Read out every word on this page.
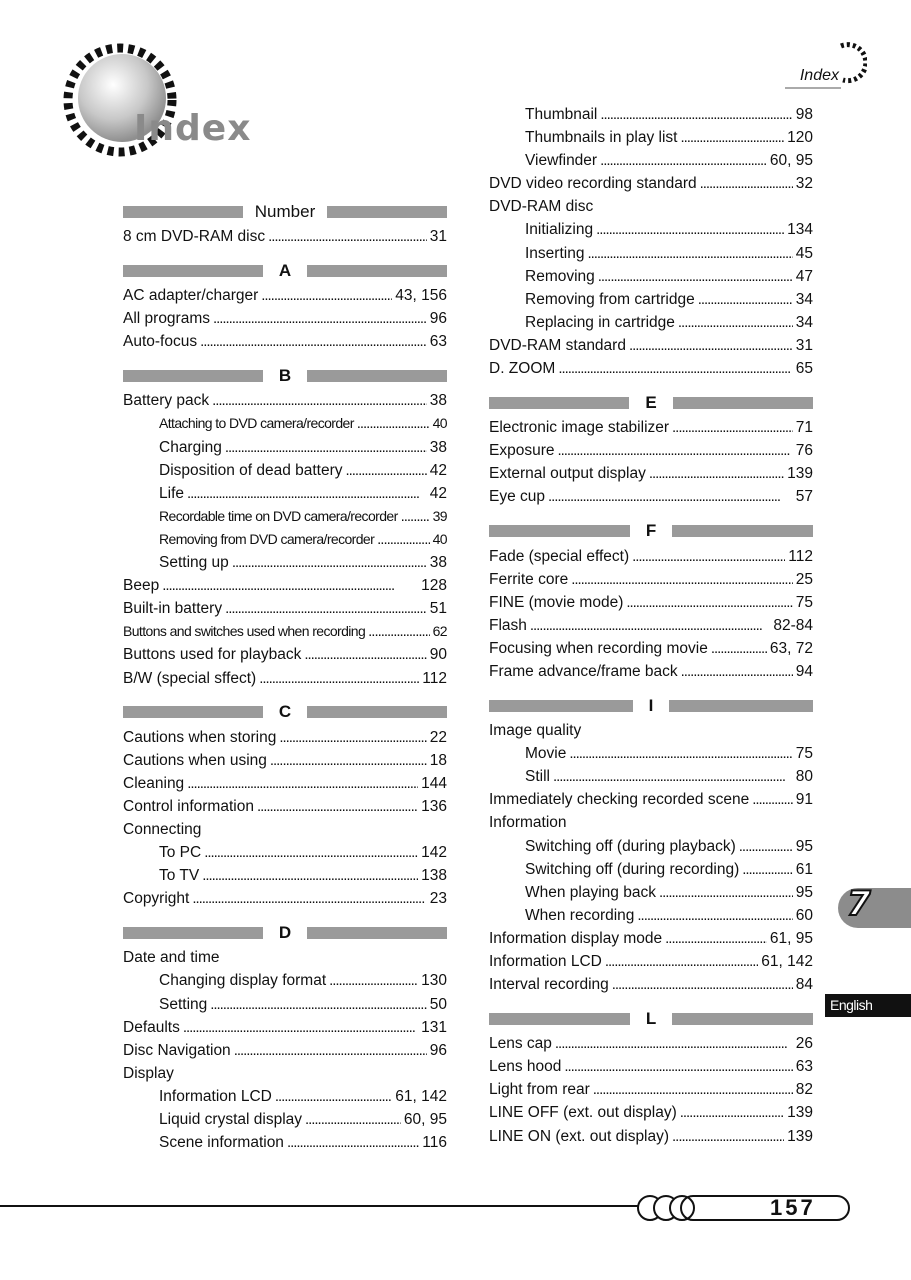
Index
Index
Number
8 cm DVD-RAM disc . . .	31
A
AC adapter/charger . . .	43, 156
All programs . . .	96
Auto-focus . . .	63
B
Battery pack . . .	38
Attaching to DVD camera/recorder . . .	40
Charging . . .	38
Disposition of dead battery . . .	42
Life . . .	42
Recordable time on DVD camera/recorder . . . 39
Removing from DVD camera/recorder . . .	40
Setting up . . .	38
Beep . . .	128
Built-in battery . . .	51
Buttons and switches used when recording . . .	62
Buttons used for playback . . .	90
B/W (special sffect) . . .	112
C
Cautions when storing . . .	22
Cautions when using . . .	18
Cleaning . . .	144
Control information . . .	136
Connecting
To PC . . .	142
To TV . . .	138
Copyright . . .	23
D
Date and time
Changing display format . . .	130
Setting . . .	50
Defaults . . .	131
Disc Navigation . . .	96
Display
Information LCD . . .	61, 142
Liquid crystal display . . .	60, 95
Scene information . . .	116
Thumbnail . . .	98
Thumbnails in play list . . .	120
Viewfinder . . .	60, 95
DVD video recording standard . . .	32
DVD-RAM disc
Initializing . . .	134
Inserting . . .	45
Removing . . .	47
Removing from cartridge . . .	34
Replacing in cartridge . . .	34
DVD-RAM standard . . .	31
D. ZOOM . . .	65
E
Electronic image stabilizer . . .	71
Exposure . . .	76
External output display . . .	139
Eye cup . . .	57
F
Fade (special effect) . . .	112
Ferrite core . . .	25
FINE (movie mode) . . .	75
Flash . . .	82-84
Focusing when recording movie . . .	63, 72
Frame advance/frame back . . .	94
I
Image quality
Movie . . .	75
Still . . .	80
Immediately checking recorded scene . . .	91
Information
Switching off (during playback) . . .	95
Switching off (during recording) . . .	61
When playing back . . .	95
When recording . . .	60
Information display mode . . .	61, 95
Information LCD . . .	61, 142
Interval recording . . .	84
L
Lens cap . . .	26
Lens hood . . .	63
Light from rear . . .	82
LINE OFF (ext. out display) . . .	139
LINE ON (ext. out display) . . .	139
7
English
157
